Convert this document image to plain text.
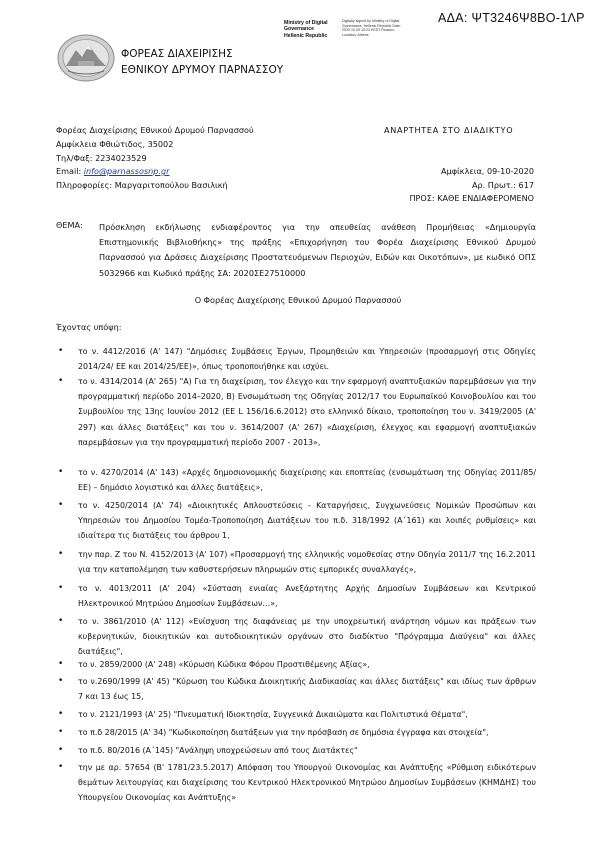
ΑΔΑ: ΨΤ3246Ψ8ΒΟ-1ΛΡ
Ministry of Digital
Governance
Hellenic Republic
Digitally signed by Ministry of Digital Governance, Hellenic Republic Date: 2020.10.09 15:23 EEST Reason: Location: Athens
ΦΟΡΕΑΣ ΔΙΑΧΕΙΡΙΣΗΣ
ΕΘΝΙΚΟΥ ΔΡΥΜΟΥ ΠΑΡΝΑΣΣΟΥ
Φορέας Διαχείρισης Εθνικού Δρυμού Παρνασσού
Αμφίκλεια Φθιώτιδος, 35002
Τηλ/Φαξ: 2234023529
Email: info@parnassosnp.gr
Πληροφορίες: Μαργαριτοπούλου Βασιλική
ΑΝΑΡΤΗΤΕΑ ΣΤΟ ΔΙΑΔΙΚΤΥΟ
Αμφίκλεια, 09-10-2020
Αρ. Πρωτ.: 617
ΠΡΟΣ: ΚΑΘΕ ΕΝΔΙΑΦΕΡΟΜΕΝΟ
ΘΕΜΑ: Πρόσκληση εκδήλωσης ενδιαφέροντος για την απευθείας ανάθεση Προμήθειας «Δημιουργία Επιστημονικής Βιβλιοθήκης» της πράξης «Επιχορήγηση του Φορέα Διαχείρισης Εθνικού Δρυμού Παρνασσού για Δράσεις Διαχείρισης Προστατευόμενων Περιοχών, Ειδών και Οικοτόπων», με κωδικό ΟΠΣ 5032966 και Κωδικό πράξης ΣΑ: 2020ΣΕ27510000
Ο Φορέας Διαχείρισης Εθνικού Δρυμού Παρνασσού
Έχοντας υπόψη:
• το ν. 4412/2016 (Α' 147) "Δημόσιες Συμβάσεις Έργων, Προμηθειών και Υπηρεσιών (προσαρμογή στις Οδηγίες 2014/24/ ΕΕ και 2014/25/ΕΕ)», όπως τροποποιήθηκε και ισχύει.
• το ν. 4314/2014 (Α' 265) "Α) Για τη διαχείριση, τον έλεγχο και την εφαρμογή αναπτυξιακών παρεμβάσεων για την προγραμματική περίοδο 2014–2020, Β) Ενσωμάτωση της Οδηγίας 2012/17 του Ευρωπαϊκού Κοινοβουλίου και του Συμβουλίου της 13ης Ιουνίου 2012 (ΕΕ L 156/16.6.2012) στο ελληνικό δίκαιο, τροποποίηση του ν. 3419/2005 (Α' 297) και άλλες διατάξεις" και του ν. 3614/2007 (Α' 267) «Διαχείριση, έλεγχος και εφαρμογή αναπτυξιακών παρεμβάσεων για την προγραμματική περίοδο 2007 - 2013»,
• το ν. 4270/2014 (Α' 143) «Αρχές δημοσιονομικής διαχείρισης και εποπτείας (ενσωμάτωση της Οδηγίας 2011/85/ΕΕ) – δημόσιο λογιστικό και άλλες διατάξεις»,
• το ν. 4250/2014 (Α' 74) «Διοικητικές Απλουστεύσεις - Καταργήσεις, Συγχωνεύσεις Νομικών Προσώπων και Υπηρεσιών του Δημοσίου Τομέα-Τροποποίηση Διατάξεων του π.δ. 318/1992 (Α΄161) και λοιπές ρυθμίσεις» και ιδιαίτερα τις διατάξεις του άρθρου 1,
• την παρ. Ζ του Ν. 4152/2013 (Α' 107) «Προσαρμογή της ελληνικής νομοθεσίας στην Οδηγία 2011/7 της 16.2.2011 για την καταπολέμηση των καθυστερήσεων πληρωμών στις εμπορικές συναλλαγές»,
• το ν. 4013/2011 (Α' 204) «Σύσταση ενιαίας Ανεξάρτητης Αρχής Δημοσίων Συμβάσεων και Κεντρικού Ηλεκτρονικού Μητρώου Δημοσίων Συμβάσεων…»,
• το ν. 3861/2010 (Α' 112) «Ενίσχυση της διαφάνειας με την υποχρεωτική ανάρτηση νόμων και πράξεων των κυβερνητικών, διοικητικών και αυτοδιοικητικών οργάνων στο διαδίκτυο "Πρόγραμμα Διαύγεια" και άλλες διατάξεις",
• το ν. 2859/2000 (Α' 248) «Κύρωση Κώδικα Φόρου Προστιθέμενης Αξίας»,
• το ν.2690/1999 (Α' 45) "Κύρωση του Κώδικα Διοικητικής Διαδικασίας και άλλες διατάξεις" και ιδίως των άρθρων 7 και 13 έως 15,
• το ν. 2121/1993 (Α' 25) "Πνευματική Ιδιοκτησία, Συγγενικά Δικαιώματα και Πολιτιστικά Θέματα",
• το π.δ 28/2015 (Α' 34) "Κωδικοποίηση διατάξεων για την πρόσβαση σε δημόσια έγγραφα και στοιχεία",
• το π.δ. 80/2016 (Α΄145) "Ανάληψη υποχρεώσεων από τους Διατάκτες"
• την με αρ. 57654 (Β' 1781/23.5.2017) Απόφαση του Υπουργού Οικονομίας και Ανάπτυξης «Ρύθμιση ειδικότερων θεμάτων λειτουργίας και διαχείρισης του Κεντρικού Ηλεκτρονικού Μητρώου Δημοσίων Συμβάσεων (ΚΗΜΔΗΣ) του Υπουργείου Οικονομίας και Ανάπτυξης»
